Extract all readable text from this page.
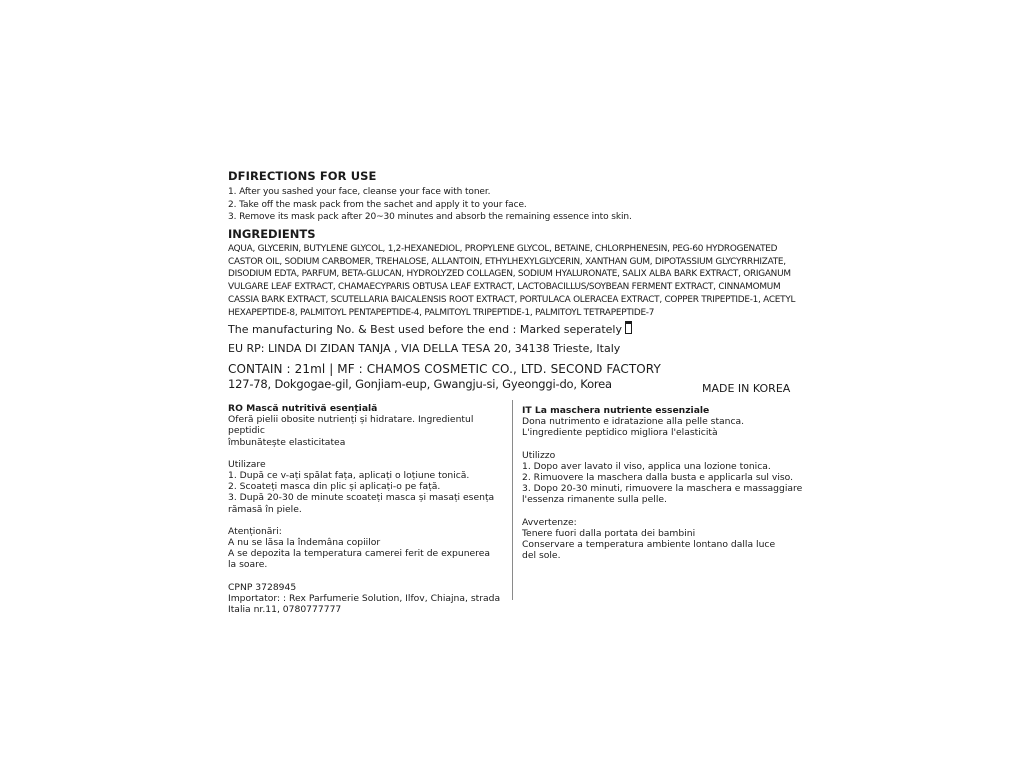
DFIRECTIONS FOR USE
1. After you sashed your face, cleanse your face with toner.
2. Take off the mask pack from the sachet and apply it to your face.
3. Remove its mask pack after 20~30 minutes and absorb the remaining essence into skin.
INGREDIENTS
AQUA, GLYCERIN, BUTYLENE GLYCOL, 1,2-HEXANEDIOL, PROPYLENE GLYCOL, BETAINE, CHLORPHENESIN, PEG-60 HYDROGENATED CASTOR OIL, SODIUM CARBOMER, TREHALOSE, ALLANTOIN, ETHYLHEXYLGLYCERIN, XANTHAN GUM, DIPOTASSIUM GLYCYRRHIZATE, DISODIUM EDTA, PARFUM, BETA-GLUCAN, HYDROLYZED COLLAGEN, SODIUM HYALURONATE, SALIX ALBA BARK EXTRACT, ORIGANUM VULGARE LEAF EXTRACT, CHAMAECYPARIS OBTUSA LEAF EXTRACT, LACTOBACILLUS/SOYBEAN FERMENT EXTRACT, CINNAMOMUM CASSIA BARK EXTRACT, SCUTELLARIA BAICALENSIS ROOT EXTRACT, PORTULACA OLERACEA EXTRACT, COPPER TRIPEPTIDE-1, ACETYL HEXAPEPTIDE-8, PALMITOYL PENTAPEPTIDE-4, PALMITOYL TRIPEPTIDE-1, PALMITOYL TETRAPEPTIDE-7
The manufacturing No. & Best used before the end : Marked seperately
EU RP: LINDA DI ZIDAN TANJA , VIA DELLA TESA 20, 34138 Trieste, Italy
CONTAIN : 21ml | MF : CHAMOS COSMETIC CO., LTD. SECOND FACTORY
127-78, Dokgogae-gil, Gonjiam-eup, Gwangju-si, Gyeonggi-do, Korea	MADE IN KOREA

RO Mască nutritivă esențială

Oferă pielii obosite nutrienți și hidratare. Ingredientul peptidic

îmbunătește elasticitatea

Utilizare

1. După ce v-ați spălat fața, aplicați o loțiune tonică.

2. Scoateți masca din plic și aplicați-o pe față.

3. După 20-30 de minute scoateți masca și masați esența

rămasă în piele.

Atenționări:

A nu se lăsa la îndemâna copiilor

A se depozita la temperatura camerei ferit de expunerea

la soare.

CPNP 3728945

Importator: : Rex Parfumerie Solution, Ilfov, Chiajna, strada

Italia nr.11, 0780777777

IT La maschera nutriente essenziale

Dona nutrimento e idratazione alla pelle stanca.

L'ingrediente peptidico migliora l'elasticità

Utilizzo

1. Dopo aver lavato il viso, applica una lozione tonica.

2. Rimuovere la maschera dalla busta e applicarla sul viso.

3. Dopo 20-30 minuti, rimuovere la maschera e massaggiare

l'essenza rimanente sulla pelle.

Avvertenze:

Tenere fuori dalla portata dei bambini

Conservare a temperatura ambiente lontano dalla luce

del sole.
